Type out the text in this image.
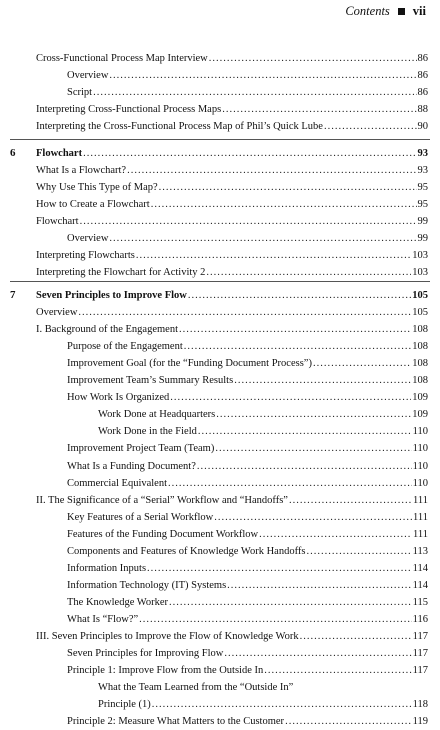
Contents vii
Cross-Functional Process Map Interview .....	86
Overview .....	86
Script .....	86
Interpreting Cross-Functional Process Maps .....	88
Interpreting the Cross-Functional Process Map of Phil’s Quick Lube .....	90
6 Flowchart .....	93
What Is a Flowchart? .....	93
Why Use This Type of Map? .....	95
How to Create a Flowchart .....	95
Flowchart .....	99
Overview .....	99
Interpreting Flowcharts .....	103
Interpreting the Flowchart for Activity 2 .....	103
7 Seven Principles to Improve Flow .....	105
Overview .....	105
I. Background of the Engagement .....	108
Purpose of the Engagement .....	108
Improvement Goal (for the “Funding Document Process”) .....	108
Improvement Team’s Summary Results .....	108
How Work Is Organized .....	109
Work Done at Headquarters .....	109
Work Done in the Field .....	110
Improvement Project Team (Team) .....	110
What Is a Funding Document? .....	110
Commercial Equivalent .....	110
II. The Significance of a “Serial” Workflow and “Handoffs” .....	111
Key Features of a Serial Workflow .....	111
Features of the Funding Document Workflow .....	111
Components and Features of Knowledge Work Handoffs .....	113
Information Inputs .....	114
Information Technology (IT) Systems .....	114
The Knowledge Worker .....	115
What Is “Flow?” .....	116
III. Seven Principles to Improve the Flow of Knowledge Work .....	117
Seven Principles for Improving Flow .....	117
Principle 1: Improve Flow from the Outside In .....	117
What the Team Learned from the “Outside In”
Principle (1) .....	118
Principle 2: Measure What Matters to the Customer .....	119
